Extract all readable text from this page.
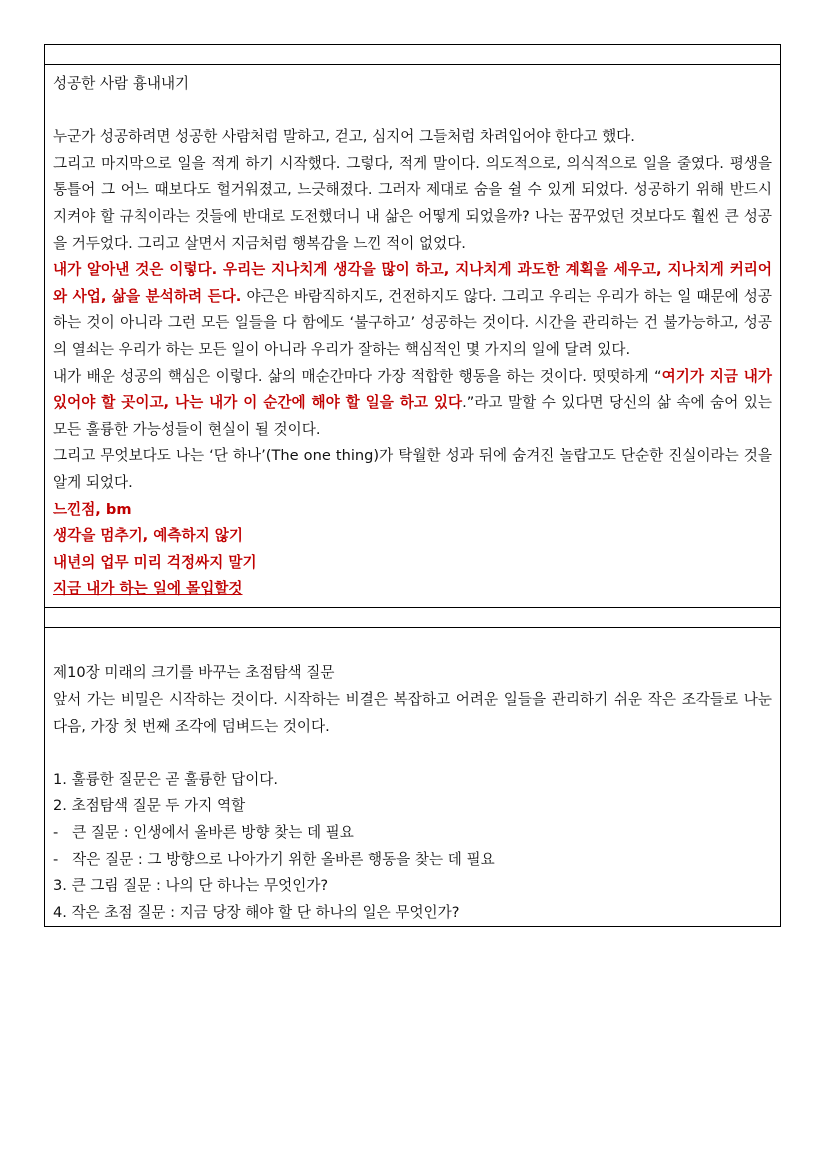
성공한 사람 흉내내기
누군가 성공하려면 성공한 사람처럼 말하고, 걷고, 심지어 그들처럼 차려입어야 한다고 했다.
그리고 마지막으로 일을 적게 하기 시작했다. 그렇다, 적게 말이다. 의도적으로, 의식적으로 일을 줄였다. 평생을 통틀어 그 어느 때보다도 헐거워졌고, 느긋해졌다. 그러자 제대로 숨을 쉴 수 있게 되었다. 성공하기 위해 반드시 지켜야 할 규칙이라는 것들에 반대로 도전했더니 내 삶은 어떻게 되었을까? 나는 꿈꾸었던 것보다도 훨씬 큰 성공을 거두었다. 그리고 살면서 지금처럼 행복감을 느낀 적이 없었다.
내가 알아낸 것은 이렇다. 우리는 지나치게 생각을 많이 하고, 지나치게 과도한 계획을 세우고, 지나치게 커리어와 사업, 삶을 분석하려 든다. 야근은 바람직하지도, 건전하지도 않다. 그리고 우리는 우리가 하는 일 때문에 성공하는 것이 아니라 그런 모든 일들을 다 함에도 ‘불구하고’ 성공하는 것이다. 시간을 관리하는 건 불가능하고, 성공의 열쇠는 우리가 하는 모든 일이 아니라 우리가 잘하는 핵심적인 몇 가지의 일에 달려 있다.
내가 배운 성공의 핵심은 이렇다. 삶의 매순간마다 가장 적합한 행동을 하는 것이다. 떳떳하게 “여기가 지금 내가 있어야 할 곳이고, 나는 내가 이 순간에 해야 할 일을 하고 있다.”라고 말할 수 있다면 당신의 삶 속에 숨어 있는 모든 훌륭한 가능성들이 현실이 될 것이다.
그리고 무엇보다도 나는 ‘단 하나’(The one thing)가 탁월한 성과 뒤에 숨겨진 놀랍고도 단순한 진실이라는 것을 알게 되었다.
느낀점, bm
생각을 멈추기, 예측하지 않기
내년의 업무 미리 걱정싸지 말기
지금 내가 하는 일에 몰입할것
제10장 미래의 크기를 바꾸는 초점탐색 질문
앞서 가는 비밀은 시작하는 것이다. 시작하는 비결은 복잡하고 어려운 일들을 관리하기 쉬운 작은 조각들로 나눈 다음, 가장 첫 번째 조각에 덤벼드는 것이다.
1. 훌륭한 질문은 곧 훌륭한 답이다.
2. 초점탐색 질문 두 가지 역할
-   큰 질문 : 인생에서 올바른 방향 찾는 데 필요
-   작은 질문 : 그 방향으로 나아가기 위한 올바른 행동을 찾는 데 필요
3. 큰 그림 질문 : 나의 단 하나는 무엇인가?
4. 작은 초점 질문 : 지금 당장 해야 할 단 하나의 일은 무엇인가?
